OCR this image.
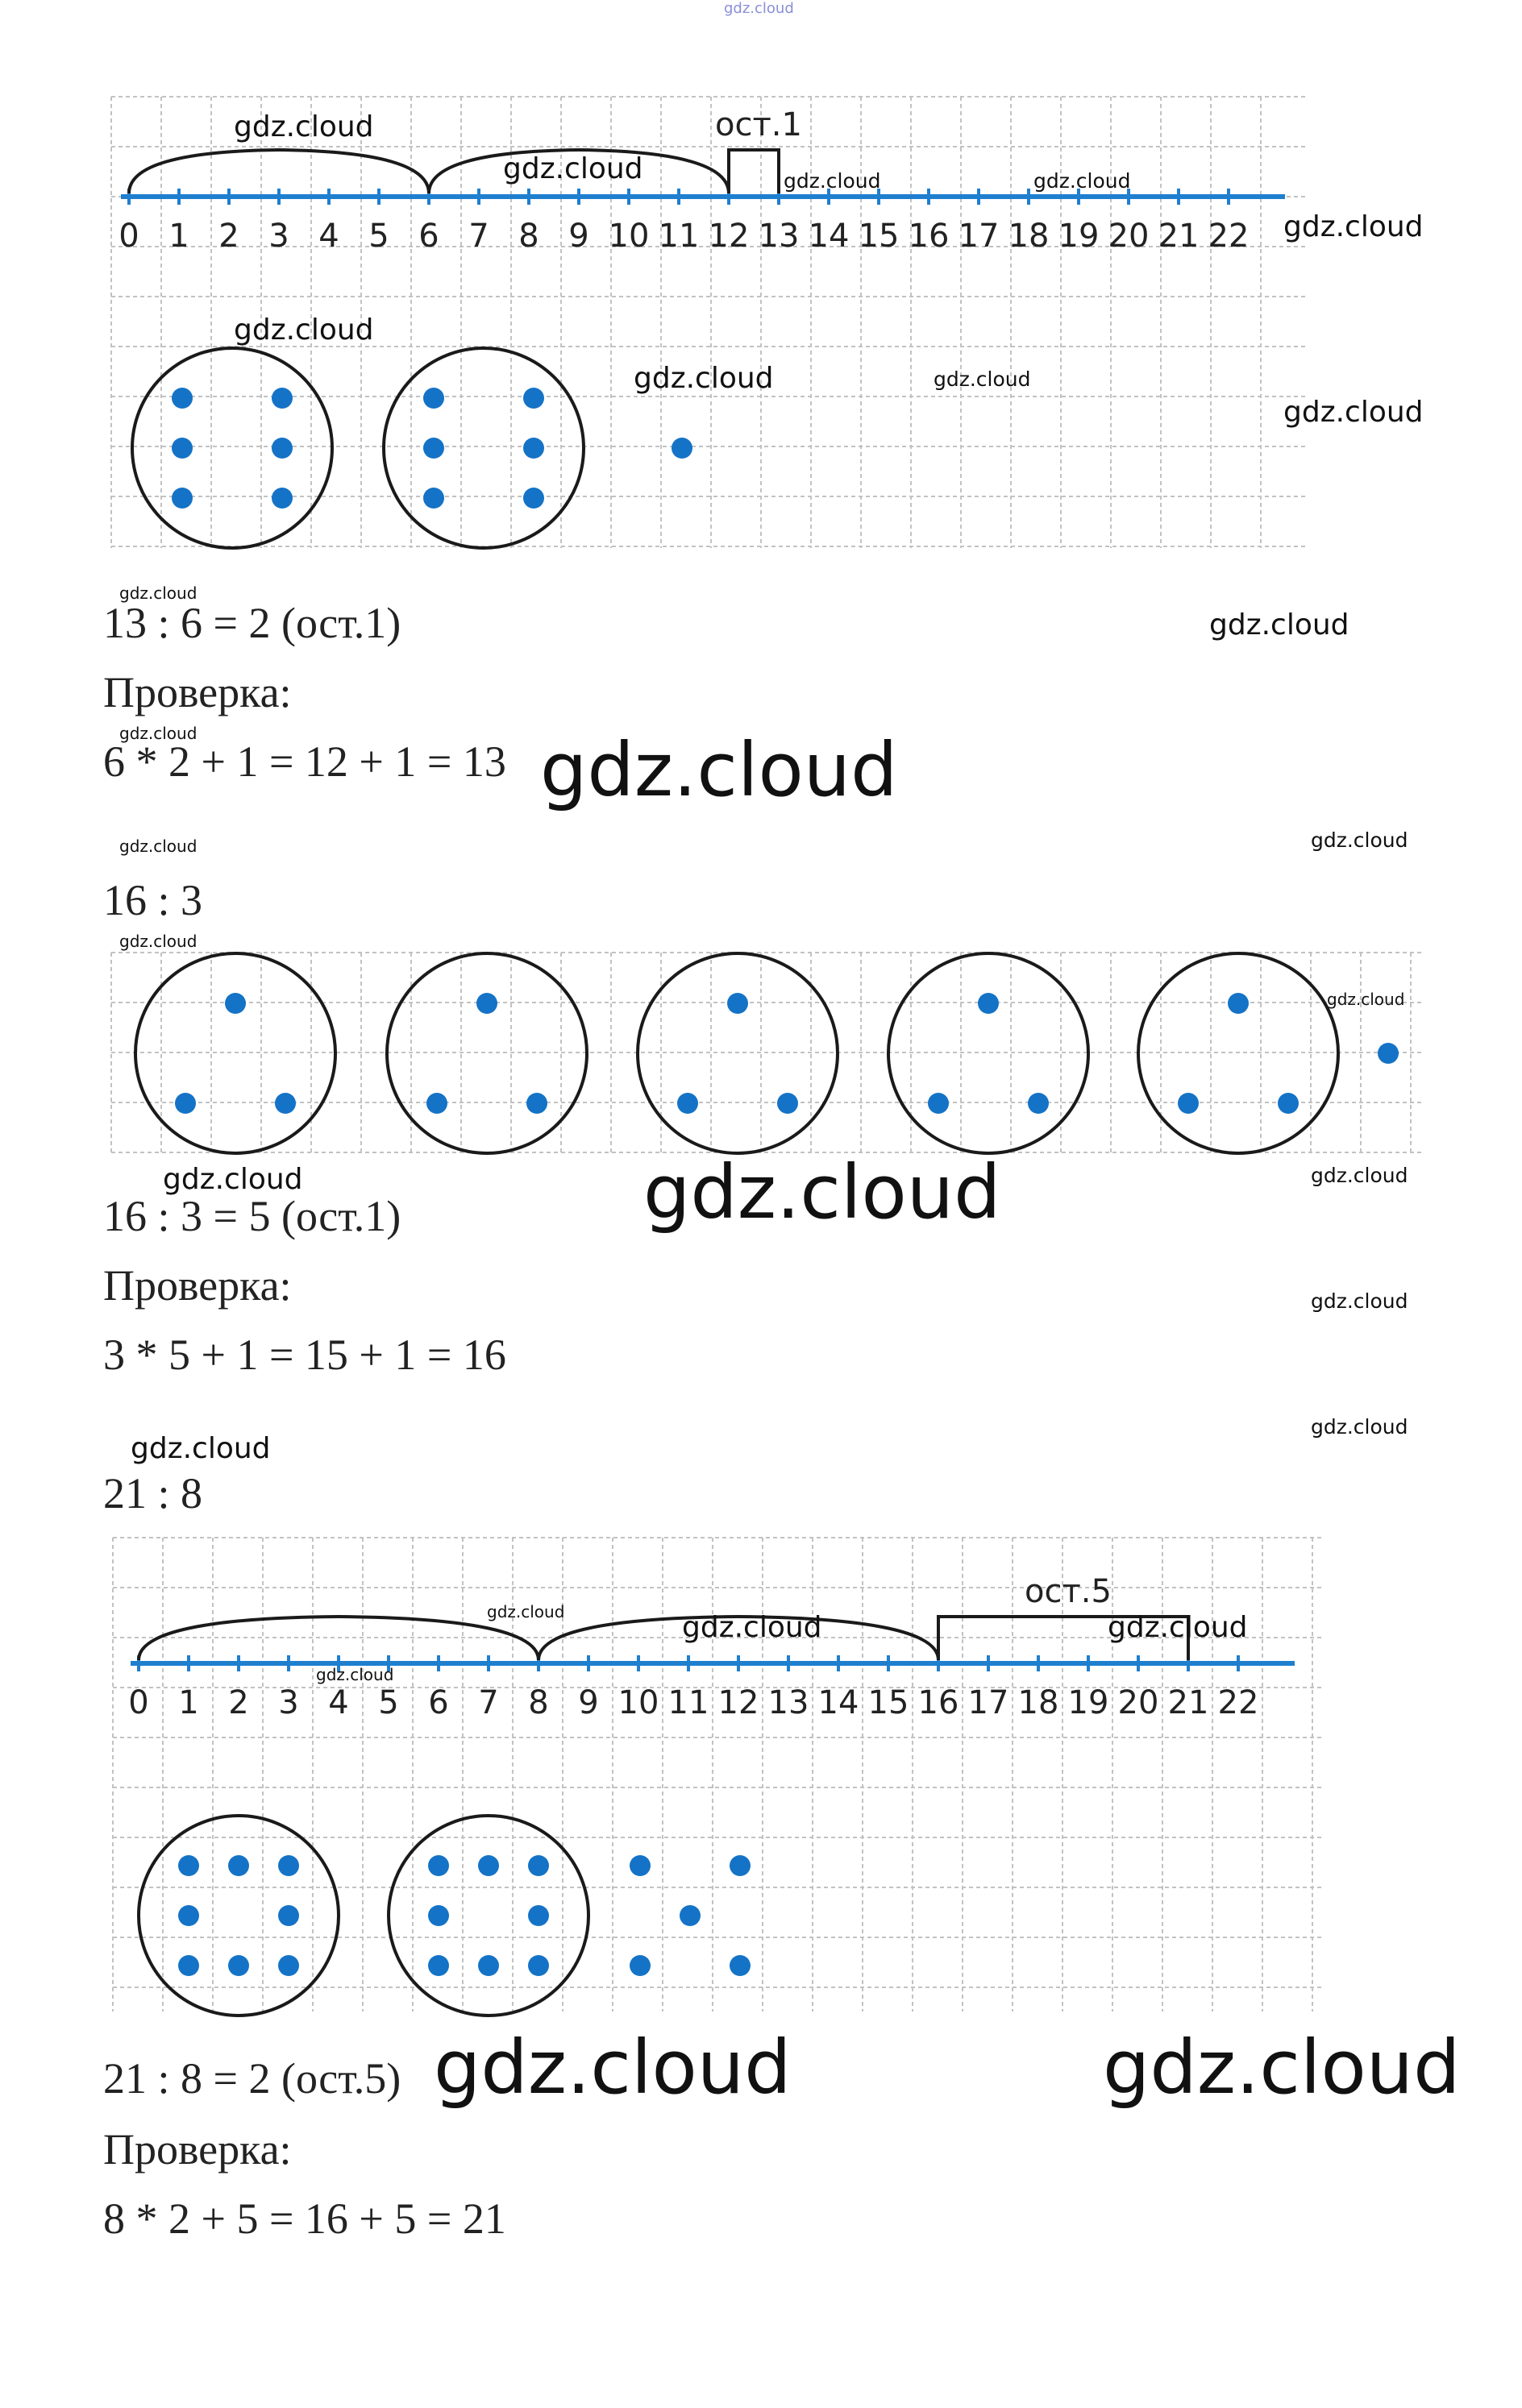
0 1 2 3 4 5 6 7 8 9 10 11 12 13 14 15 16 17 18 19 20 21 22
ост.1
0 1 2 3 4 5 6 7 8 9 10 11 12 13 14 15 16 17 18 19 20 21 22
ост.5
13 : 6 = 2 (ост.1)
Проверка:
6 * 2 + 1 = 12 + 1 = 13
16 : 3
16 : 3 = 5 (ост.1)
Проверка:
3 * 5 + 1 = 15 + 1 = 16
21 : 8
21 : 8 = 2 (ост.5)
Проверка:
8 * 2 + 5 = 16 + 5 = 21
gdz.cloud
gdz.cloud
gdz.cloud	gdz.cloud	gdz.cloud
gdz.cloud
gdz.cloud
gdz.cloud	gdz.cloud
gdz.cloud
gdz.cloud
gdz.cloud
gdz.cloud	gdz.cloud
gdz.cloud	gdz.cloud
gdz.cloud
gdz.cloud
gdz.cloud	gdz.cloud	gdz.cloud
gdz.cloud
gdz.cloud
gdz.cloud
gdz.cloud	gdz.cloud	gdz.cloud
gdz.cloud
gdz.cloud	gdz.cloud
